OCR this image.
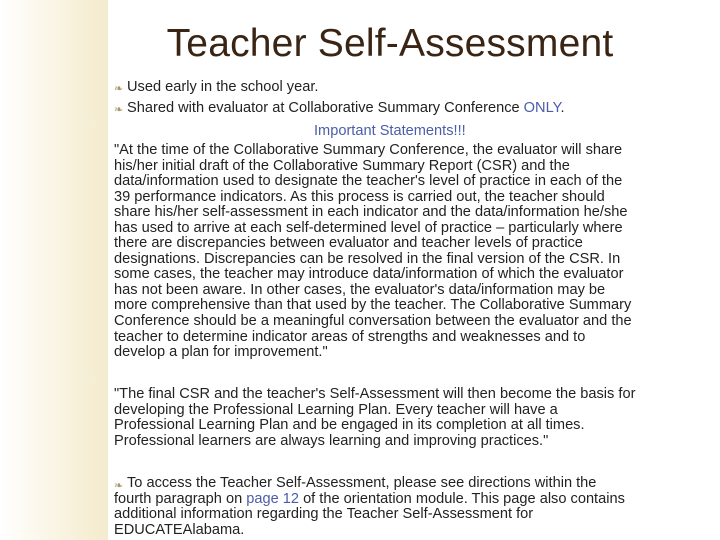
Teacher Self-Assessment
❧ Used early in the school year.
❧ Shared with evaluator at Collaborative Summary Conference ONLY.
Important Statements!!!
"At the time of the Collaborative Summary Conference, the evaluator will share
his/her initial draft of the Collaborative Summary Report (CSR) and the
data/information used to designate the teacher's level of practice in each of the
39 performance indicators. As this process is carried out, the teacher should
share his/her self-assessment in each indicator and the data/information he/she
has used to arrive at each self-determined level of practice – particularly where
there are discrepancies between evaluator and teacher levels of practice
designations. Discrepancies can be resolved in the final version of the CSR. In
some cases, the teacher may introduce data/information of which the evaluator
has not been aware. In other cases, the evaluator's data/information may be
more comprehensive than that used by the teacher. The Collaborative Summary
Conference should be a meaningful conversation between the evaluator and the
teacher to determine indicator areas of strengths and weaknesses and to
develop a plan for improvement."
"The final CSR and the teacher's Self-Assessment will then become the basis for
developing the Professional Learning Plan. Every teacher will have a
Professional Learning Plan and be engaged in its completion at all times.
Professional learners are always learning and improving practices."
❧ To access the Teacher Self-Assessment, please see directions within the
fourth paragraph on page 12 of the orientation module. This page also contains
additional information regarding the Teacher Self-Assessment for
EDUCATEAlabama.
